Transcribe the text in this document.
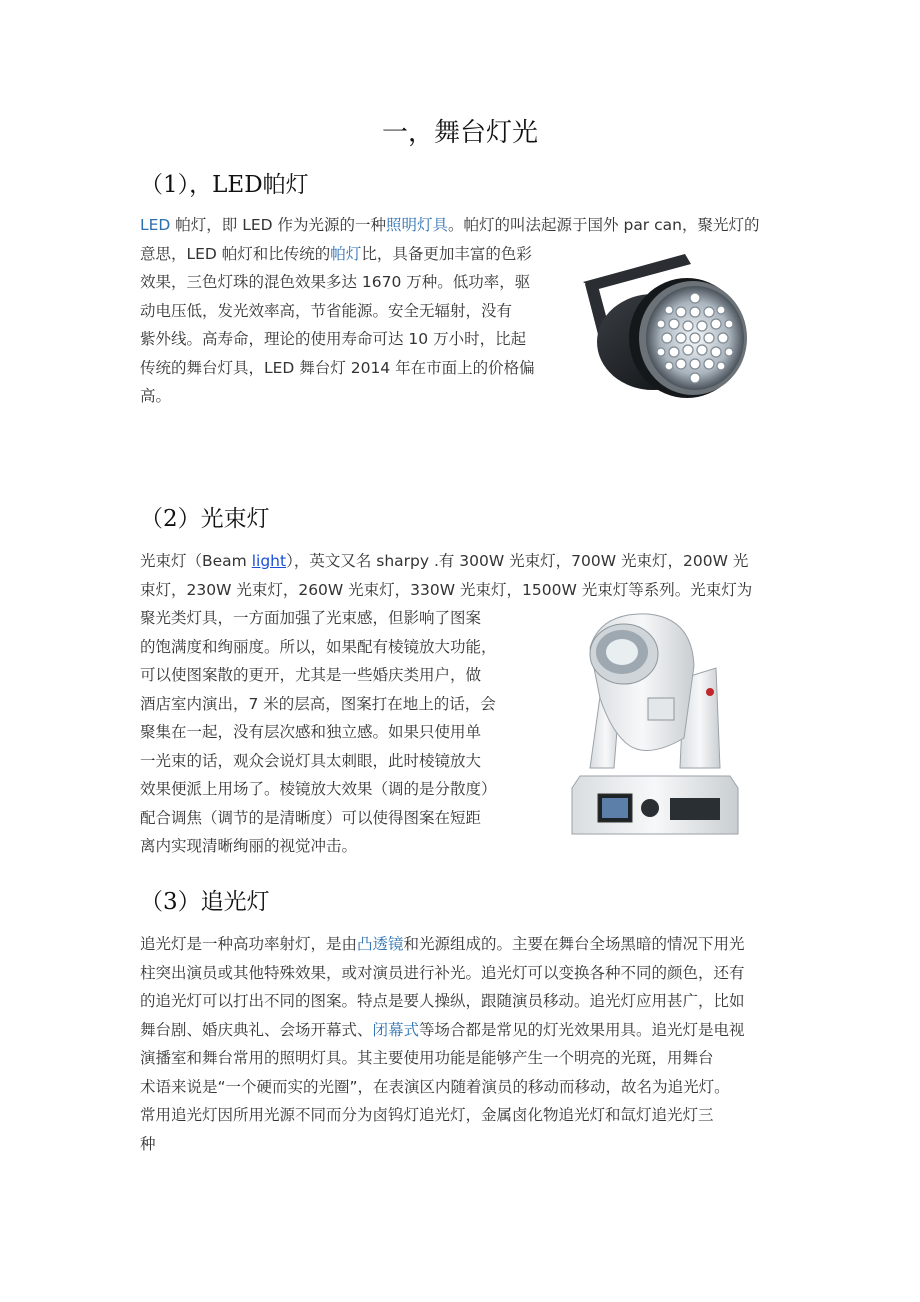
一，舞台灯光
（1），LED帕灯
LED 帕灯，即 LED 作为光源的一种照明灯具。帕灯的叫法起源于国外 par can，聚光灯的
意思，LED 帕灯和比传统的帕灯比，具备更加丰富的色彩
效果，三色灯珠的混色效果多达 1670 万种。低功率，驱
动电压低，发光效率高，节省能源。安全无辐射，没有
紫外线。高寿命，理论的使用寿命可达 10 万小时，比起
传统的舞台灯具，LED 舞台灯 2014 年在市面上的价格偏
高。
（2）光束灯
光束灯（Beam light），英文又名 sharpy .有 300W 光束灯，700W 光束灯，200W 光
束灯，230W 光束灯，260W 光束灯，330W 光束灯，1500W 光束灯等系列。光束灯为
聚光类灯具，一方面加强了光束感，但影响了图案
的饱满度和绚丽度。所以，如果配有棱镜放大功能，
可以使图案散的更开，尤其是一些婚庆类用户，做
酒店室内演出，7 米的层高，图案打在地上的话，会
聚集在一起，没有层次感和独立感。如果只使用单
一光束的话，观众会说灯具太刺眼，此时棱镜放大
效果便派上用场了。棱镜放大效果（调的是分散度）
配合调焦（调节的是清晰度）可以使得图案在短距
离内实现清晰绚丽的视觉冲击。
（3）追光灯
追光灯是一种高功率射灯，是由凸透镜和光源组成的。主要在舞台全场黑暗的情况下用光
柱突出演员或其他特殊效果，或对演员进行补光。追光灯可以变换各种不同的颜色，还有
的追光灯可以打出不同的图案。特点是要人操纵，跟随演员移动。追光灯应用甚广，比如
舞台剧、婚庆典礼、会场开幕式、闭幕式等场合都是常见的灯光效果用具。追光灯是电视
演播室和舞台常用的照明灯具。其主要使用功能是能够产生一个明亮的光斑，用舞台
术语来说是“一个硬而实的光圈”，在表演区内随着演员的移动而移动，故名为追光灯。
常用追光灯因所用光源不同而分为卤钨灯追光灯，金属卤化物追光灯和氙灯追光灯三
种
